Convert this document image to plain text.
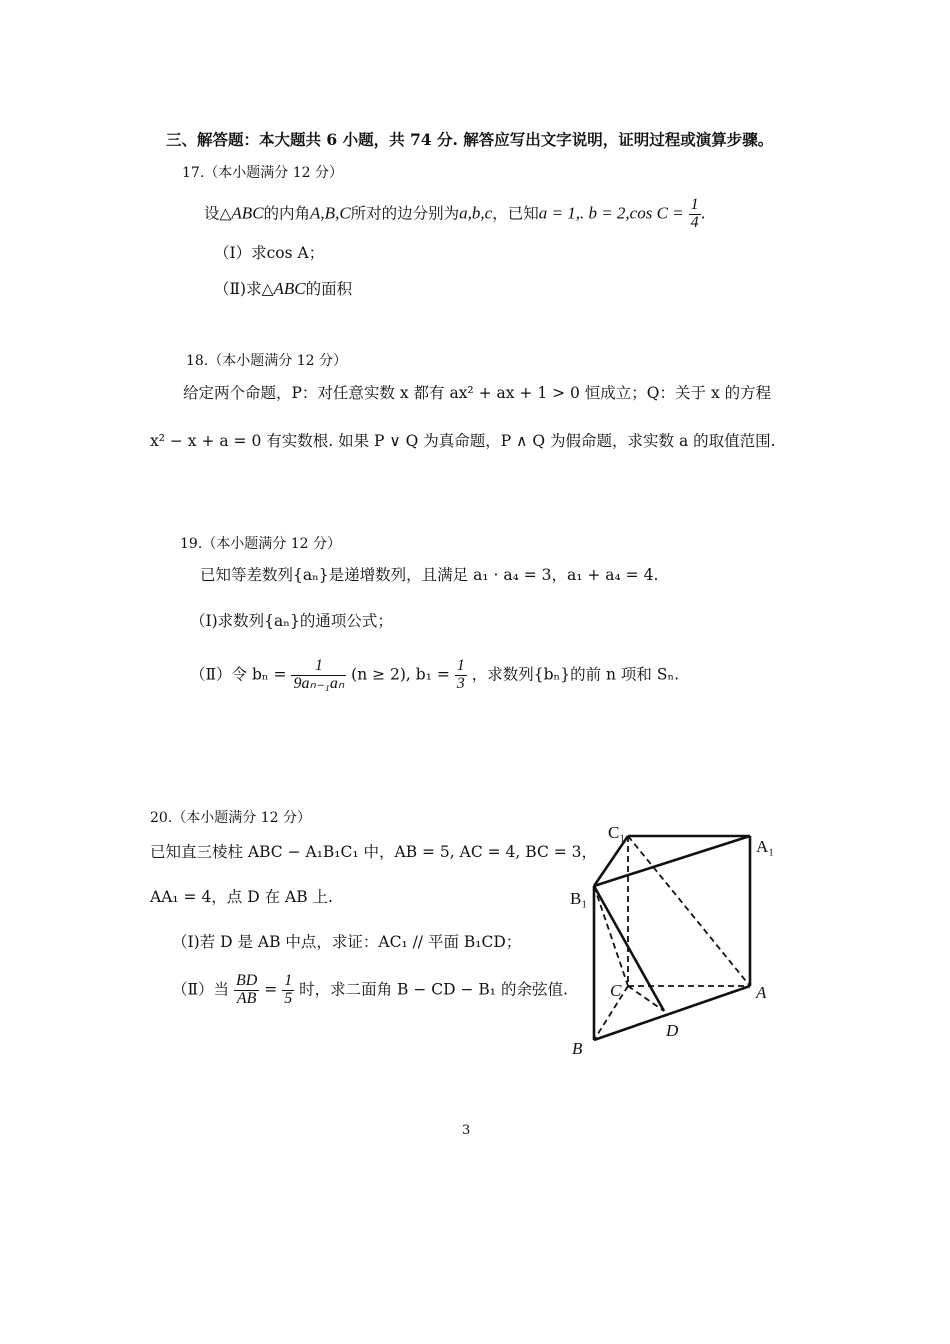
三、解答题：本大题共 6 小题，共 74 分. 解答应写出文字说明，证明过程或演算步骤。
17.（本小题满分 12 分）
设△ABC的内角A,B,C所对的边分别为a,b,c，已知a = 1,. b = 2,cos $C = \frac{1}{4}$ .
（Ⅰ）求cos A；
（Ⅱ)求△ABC的面积
18.（本小题满分 12 分）
给定两个命题，P：对任意实数 x 都有 ax² + ax + 1 > 0 恒成立；Q：关于 x 的方程
x² − x + a = 0 有实数根. 如果 P ∨ Q 为真命题，P ∧ Q 为假命题，求实数 a 的取值范围.
19.（本小题满分 12 分）
已知等差数列{aₙ}是递增数列，且满足 a₁ · a₄ = 3，a₁ + a₄ = 4.
（Ⅰ)求数列{aₙ}的通项公式；
（Ⅱ）令 $b_n = \frac{1}{\text{9aₙ₋₁aₙ}} (n \ge 2)$, $b_1 = \frac{1}{3}$ ，求数列{bₙ}的前 n 项和 Sₙ.
20.（本小题满分 12 分）
已知直三棱柱 ABC − A₁B₁C₁ 中，AB = 5, AC = 4, BC = 3，
AA₁ = 4，点 D 在 AB 上.
（Ⅰ)若 D 是 AB 中点，求证：AC₁ // 平面 B₁CD；
（Ⅱ）当 $\frac{BD}{AB} = \frac{1}{5}$ 时，求二面角 B − CD − B₁ 的余弦值.
C₁
A₁
B₁
C	A
D
B
3
